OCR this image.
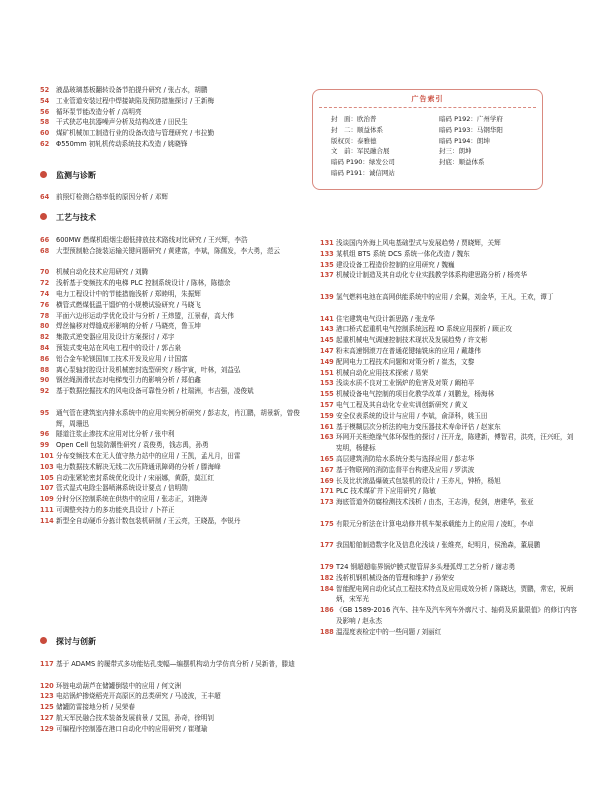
52 液晶玻璃基板翻转设备节拍提升研究 / 张占水，胡鹏
54 工业管道安装过程中焊接缺陷及预防措施探讨 / 王新梅
56 循环泵节能改造分析 / 高明亮
58 干式狭芯电抗器噪声分析及结构改进 / 田民生
60 煤矿机械加工制造行业的设备改造与管理研究 / 韦拉勤
62 Φ550mm 初轧机传动系统技术改造 / 姚晓锋
监测与诊断
64 前照灯检测合格率低的原因分析 / 邓辉
工艺与技术
66 600MW 燃煤机组烟尘超低排放技术路线对比研究 / 王兴辉，李浩
68 大型预制舱合拢装运输关键问题研究 / 黄建富，李斌，陈儒发，李大勇，范云
70 机械自动化技术应用研究 / 刘腾
72 浅析基于变频技术的电梯 PLC 控制系统设计 / 陈林，陈德余
74 电力工程设计中的节能措施浅析 / 郑睦明，朱振辉
76 横管式燃煤低温干馏炉的小规模试验研究 / 马晓飞
78 平面六边形运动学优化设计与分析 / 王炜盟，江景春，高大伟
80 焊丝偏移对焊缝成形影响的分析 / 马晓亮，鲁玉坤
82 集散式逆变器应用及设计方案探讨 / 邓宇
84 预装式变电站在风电工程中的设计 / 郭占泉
86 铝合金车轮镁国加工技术开发及应用 / 计国富
88 离心泵轴封腔设计及机械密封选型研究 / 杨宇寅，叶林，刘益弘
90 钢丝绳润滑状态对电梯曳引力的影响分析 / 郑伯鑫
92 基于数据挖掘技术的风电设备可靠性分析 / 杜瑞洲，韦吉强，凌俊斌
95 通气管在建筑室内排水系统中的应用实例分析研究 / 彭志友，肖江鹏，胡景新，曾俊辉，周珊迅
96 隧道注浆止渗技术应用对比分析 / 张中利
99 Open Cell 包装防潮性研究 / 袁俊勇，钱志禹，孙勇
101 分布变频技术在无人值守热力站中的应用 / 王凯，孟凡月，田雷
103 电力数据技术解决无线二次压降通讯障碍的分析 / 滕海峰
105 自动张紧轮密封系统优化设计 / 宋丽娜，黄蔚，莫江红
107 管式湿式电除尘器喷淋系统设计要点 / 信明勋
109 分时分区控制系统在供热中的应用 / 张志正，刘艳涛
111 可调整夹持力的多功能夹具设计 / 卜祥正
114 新型全自动硬币分拣计数包装机研制 / 王云亮，王晓磊，李锐丹
探讨与创新
117 基于 ADAMS 的履带式多功能钻孔变幅—编摆机构动力学仿真分析 / 吴新普，滕迪
120 环链电动葫芦在储罐倒装中的应用 / 何文洲
123 电站锅炉掺烧稻壳开高原区的总类研究 / 马凌波，王丰超
125 储罐防雷接地分析 / 吴荣春
127 航天军民融合技术装备发展前景 / 艾国，孙奇，徐明钊
129 可编程序控制器在港口自动化中的应用研究 / 崔瑾瑜
131 浅谈国内外海上风电基础型式与发展趋势 / 贾晓辉，关辉
133 某机组 BTS 系统 DCS 系统一体化改造 / 魏东
135 建设设备工程造价控制的应用研究 / 魏巍
137 机械设计制造及其自动化专业实践教学体系构建思路分析 / 杨亮华
139 氢气燃料电池在高网供能系统中的应用 / 余翼，刘金华，王凡，王欢，谭丁
141 住宅建筑电气设计新思路 / 张龙华
143 港口桥式起重机电气控制系统远程 IO 系统应用探析 / 顾正攻
145 起重机械电气调速控制技术现状及发展趋势 / 许文彬
147 粉末高速钢滚刀在普通花键轴铣床的应用 / 戴雄伟
149 配网电力工程技术问题和对策分析 / 崔杰，文黎
151 机械自动化应用技术探索 / 易荣
153 浅谈水质不良对工业锅炉的危害及对策 / 阚柏平
155 机械设备电气控制的项目化教学改革 / 刘鹏龙，杨海林
157 电气工程及其自动化专业实训创新研究 / 黄义
159 安全仪表系统的设计与应用 / 李斌，俞泽科，姚玉田
161 基于模糊层次分析法的电力变压器技术寿命评估 / 赵家东
163 环网开关柜绝缘气体环保性的探讨 / 汪开龙，陈建新，傅智君，洪亮，汪兴旺，刘宪明，杨健标
165 高层建筑消防给水系统分类与选择应用 / 彭志华
167 基于物联网的消防监督平台构建及应用 / 罗洪波
169 长及比状滚晶爆破式包装机的设计 / 王亦凡，钟桥，杨旭
171 PLC 技术煤矿井下应用研究 / 陈敏
173 海底管道外防腐检测技术浅析 / 由杰，王志涛，倪剑，唐建华，张亚
175 有限元分析法在计算电动修井机车架承载能力上的应用 / 凌虹，李卓
177 我国船舶制造数字化及信息化浅谈 / 张维亮，纪明月，侯渔森，董晨鹏
179 T24 钢超超临界锅炉膜式壁管屏多头埋弧焊工艺分析 / 谢志勇
182 浅析机钢机械设备的管理和维护 / 孙荣安
184 智能配电网自动化试点工程技术特点及应用成效分析 / 陈晓达，贾鹏，常宏，祝炳炳，宋军光
186 《GB 1589-2016 汽车、挂车及汽车列车外廓尺寸、轴荷及质量限值》的修订内容及影响 / 赵永杰
188 温湿度表检定中的一些问题 / 刘丽红
广告索引
封　面：欧治普
封　二：顺益体系
版权页：泰雅德
文　前：军民融合展
暗码 P190：绿发公司
暗码 P191：诚信网站
暗码 P192：广州学府
暗码 P193：马钢华阳
暗码 P194：朗坤
封三：朗坤
封底：顺益体系
